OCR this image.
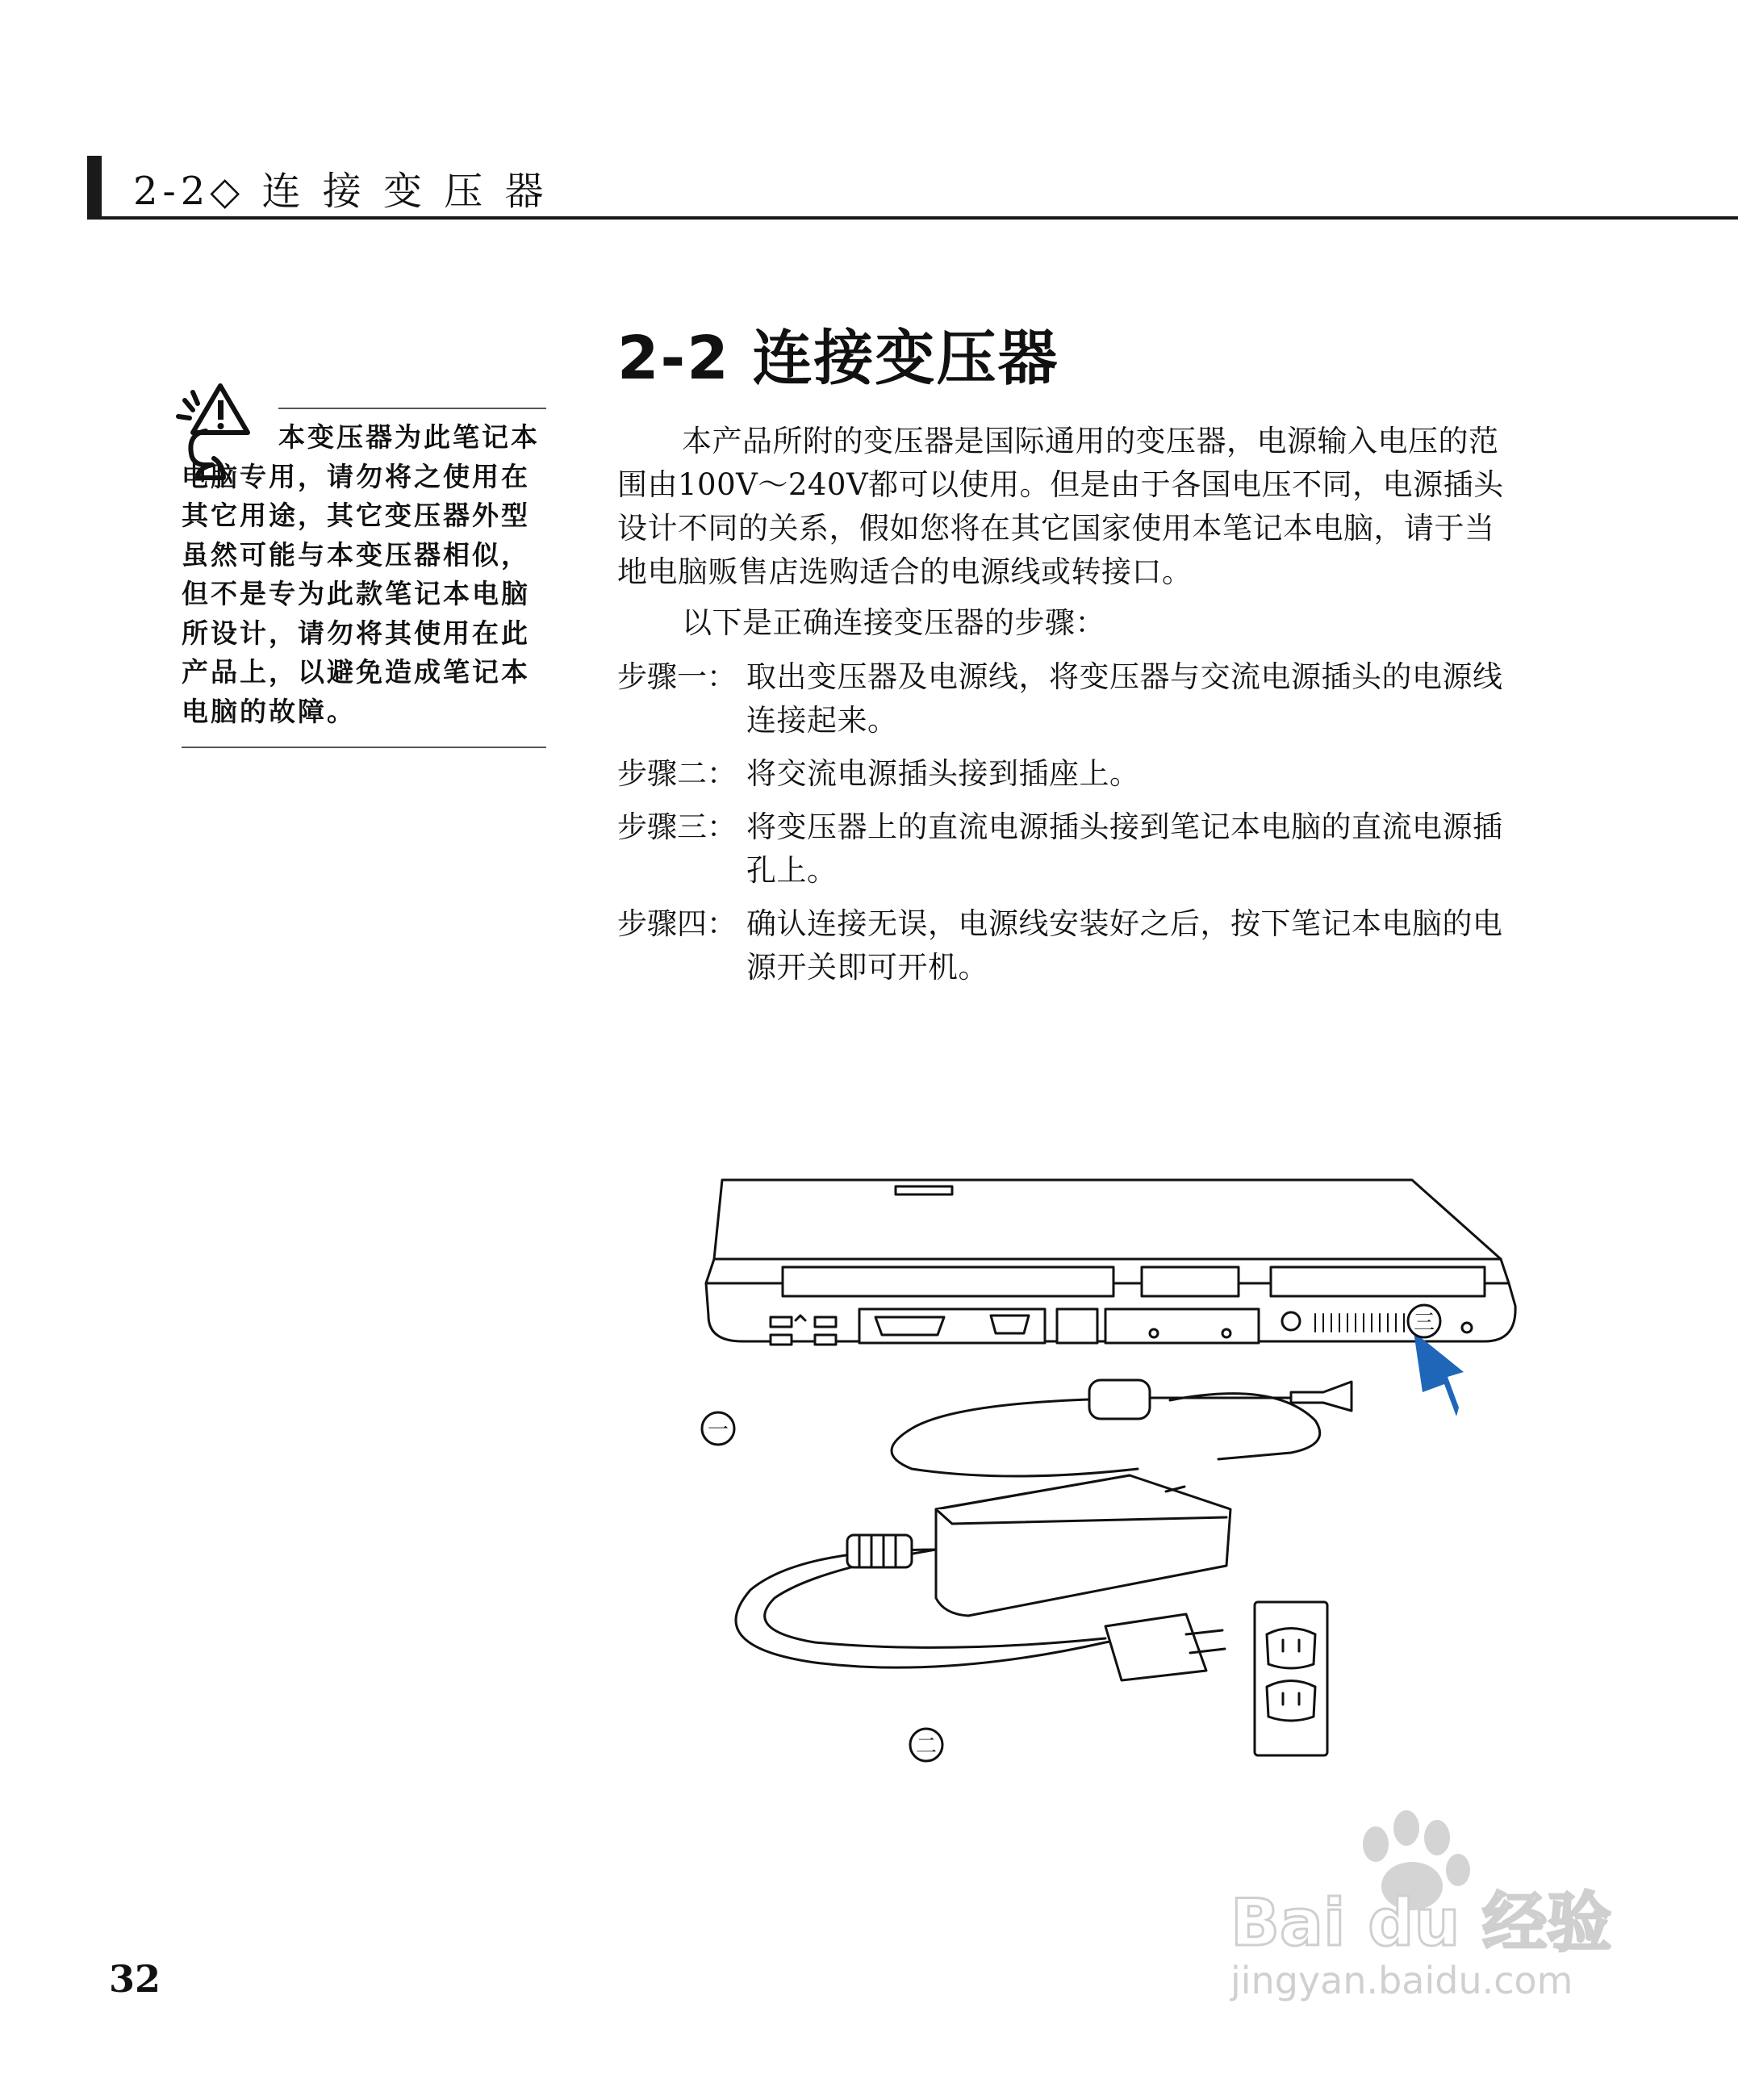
2-2◇ 连 接 变 压 器
2-2 连接变压器
本变压器为此笔记本电脑专用，请勿将之使用在其它用途，其它变压器外型虽然可能与本变压器相似，但不是专为此款笔记本电脑所设计，请勿将其使用在此产品上，以避免造成笔记本电脑的故障。
本产品所附的变压器是国际通用的变压器，电源输入电压的范围由100V～240V都可以使用。但是由于各国电压不同，电源插头设计不同的关系，假如您将在其它国家使用本笔记本电脑，请于当地电脑贩售店选购适合的电源线或转接口。
以下是正确连接变压器的步骤：
步骤一： 取出变压器及电源线，将变压器与交流电源插头的电源线连接起来。
步骤二： 将交流电源插头接到插座上。
步骤三： 将变压器上的直流电源插头接到笔记本电脑的直流电源插孔上。
步骤四： 确认连接无误，电源线安装好之后，按下笔记本电脑的电源开关即可开机。
一
二
三
32
Bai du 经验
jingyan.baidu.com
